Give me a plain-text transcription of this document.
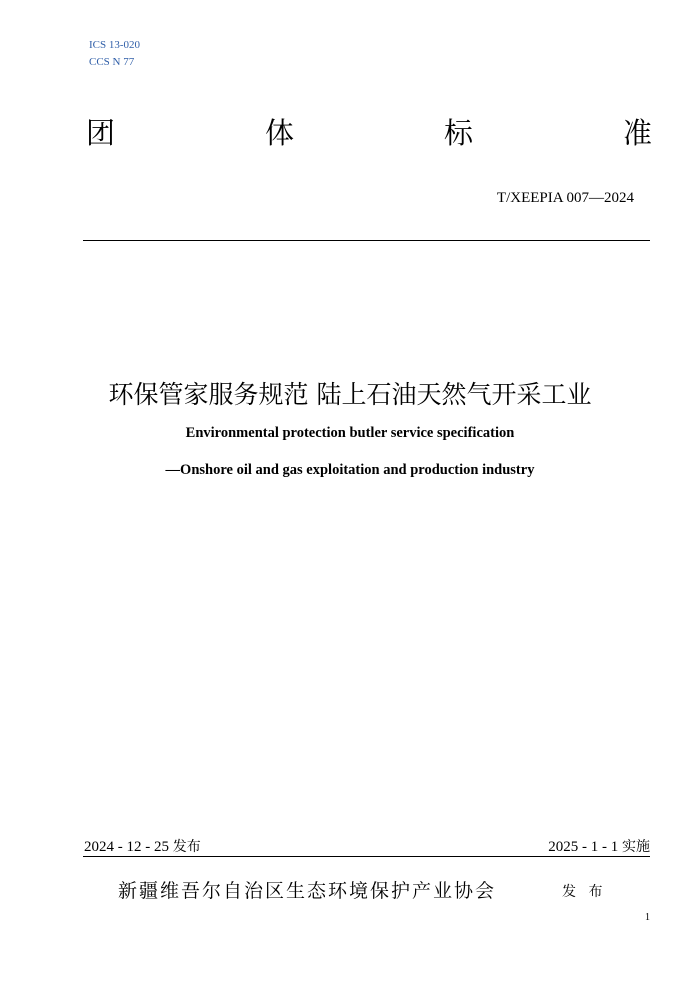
ICS 13-020
CCS N 77
团	体	标	准
T/XEEPIA 007—2024
环保管家服务规范 陆上石油天然气开采工业
Environmental protection butler service specification
—Onshore oil and gas exploitation and production industry
2024 - 12 - 25 发布	2025 - 1 - 1 实施
新疆维吾尔自治区生态环境保护产业协会	发 布
1
